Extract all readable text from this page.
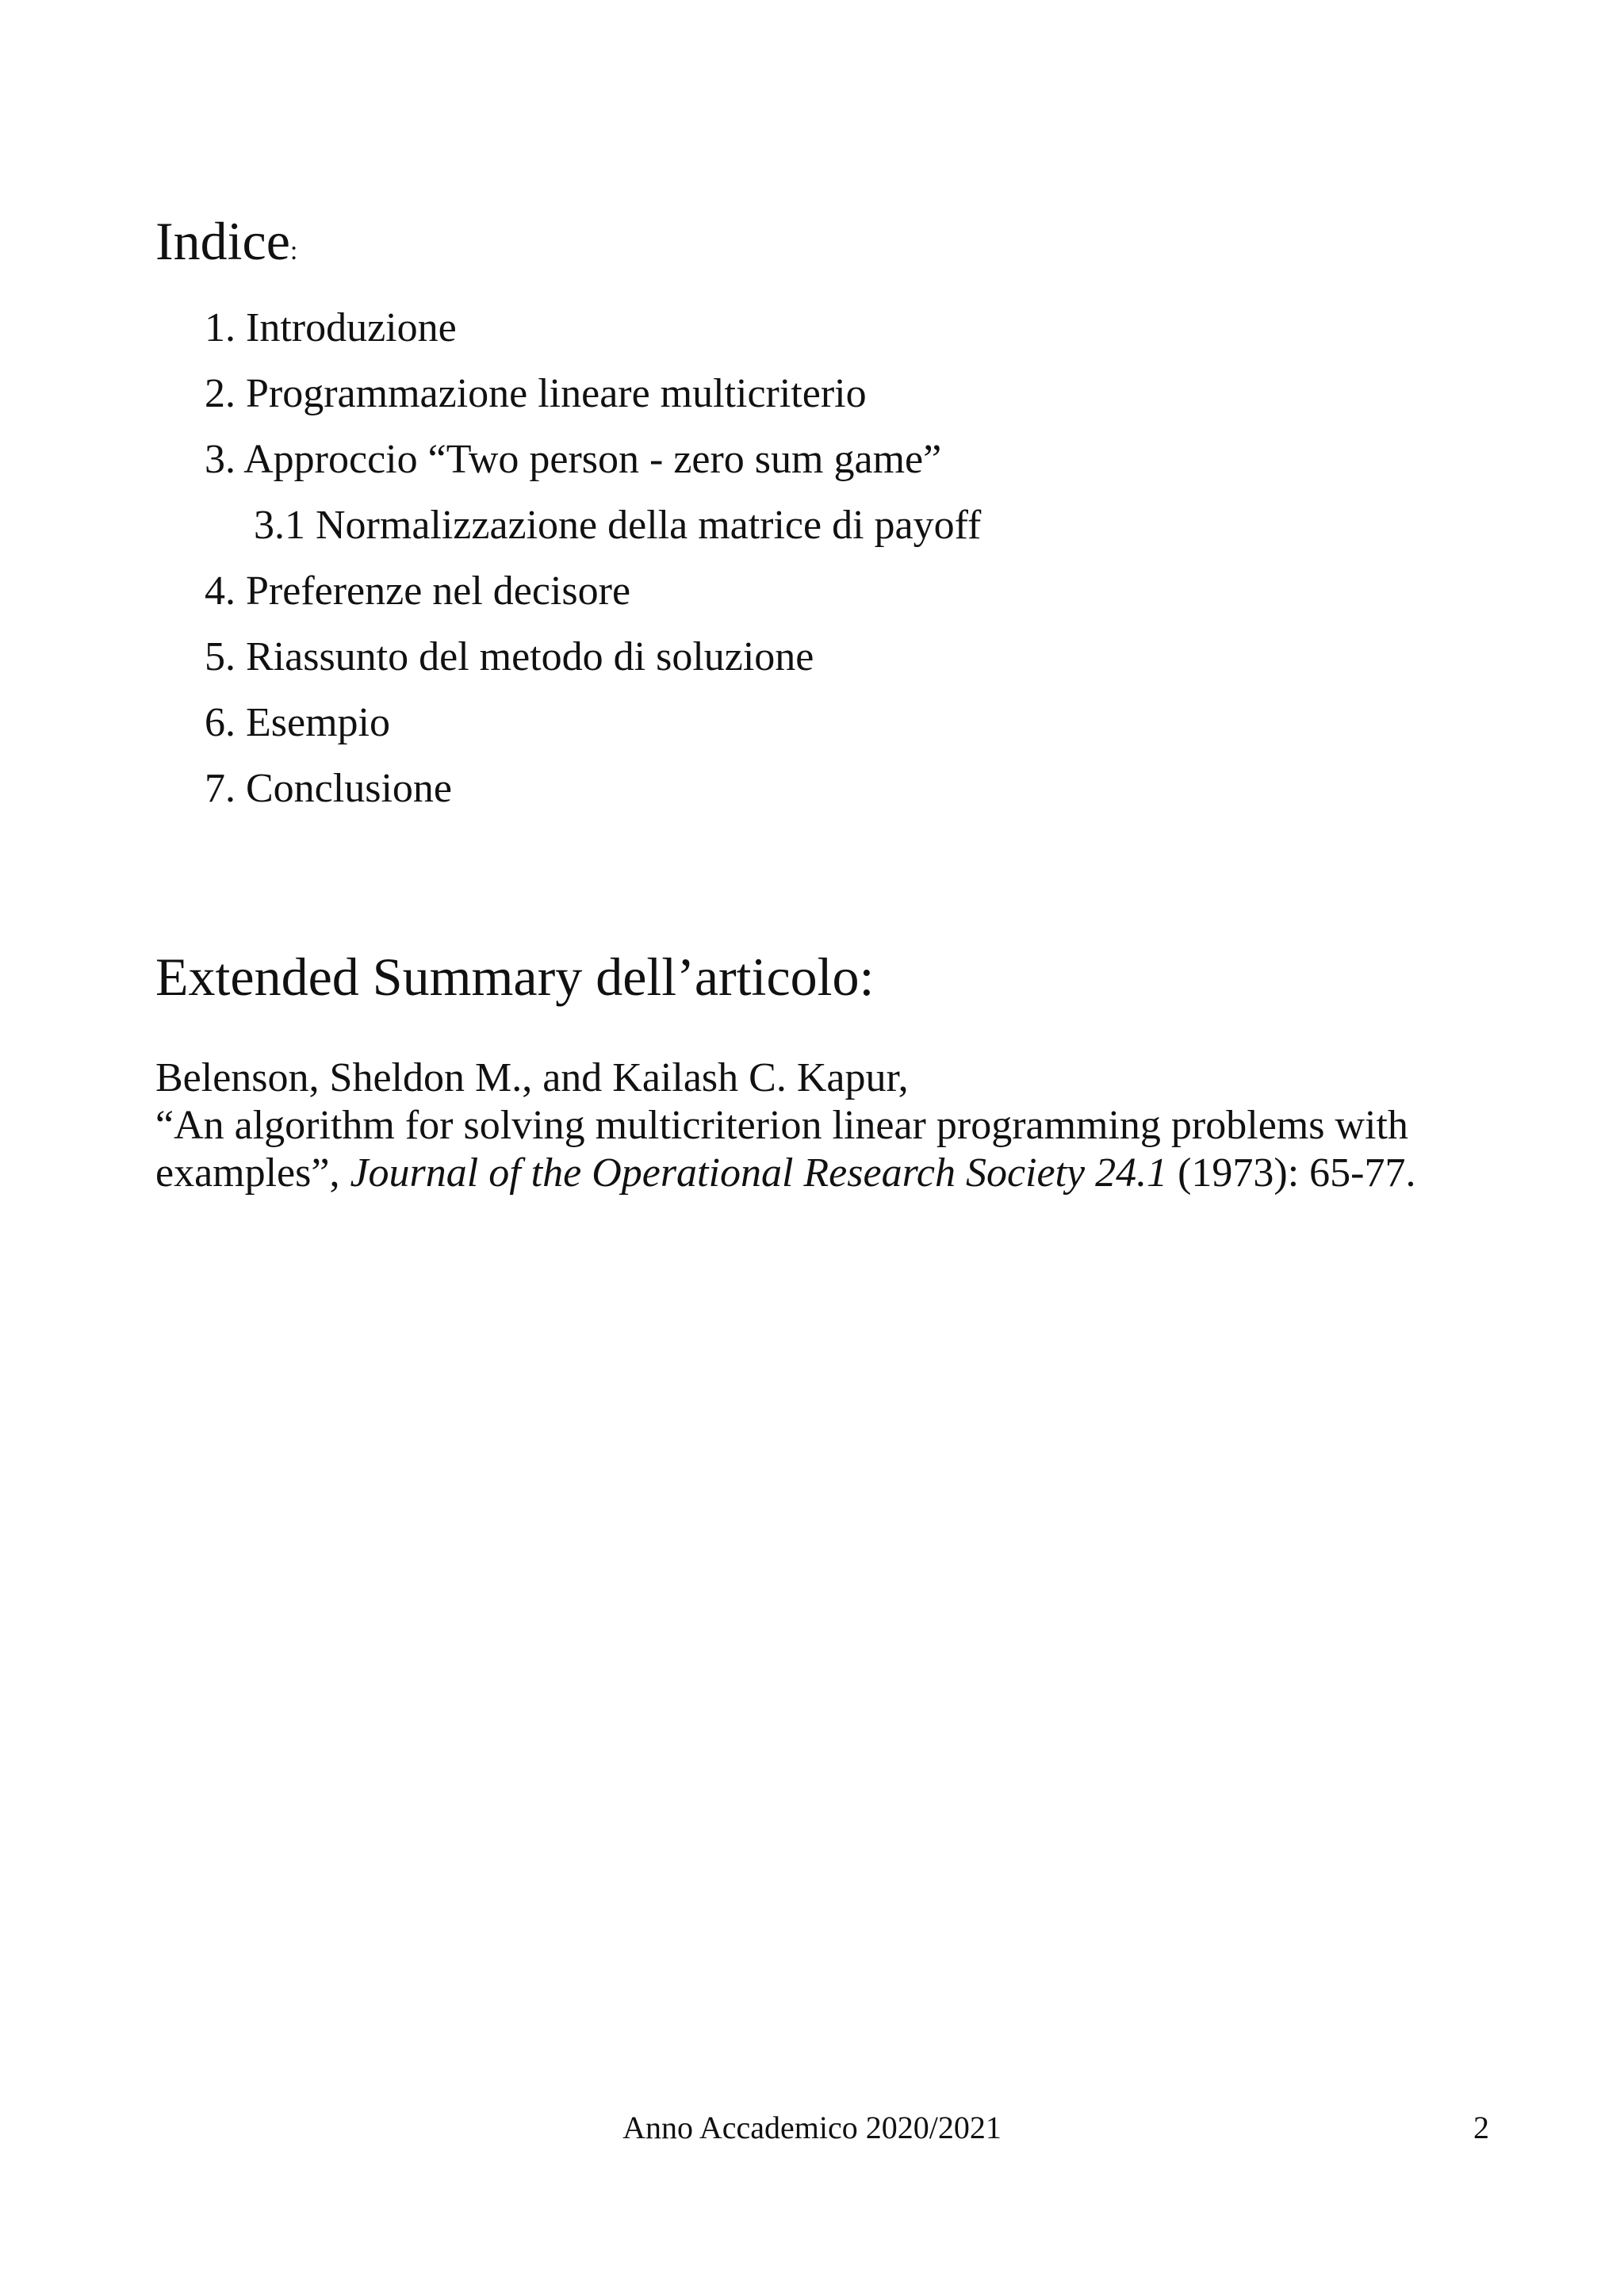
Indice:
1. Introduzione
2. Programmazione lineare multicriterio
3. Approccio “Two person - zero sum game”
3.1 Normalizzazione della matrice di payoff
4. Preferenze nel decisore
5. Riassunto del metodo di soluzione
6. Esempio
7. Conclusione
Extended Summary dell’articolo:
Belenson, Sheldon M., and Kailash C. Kapur,
“An algorithm for solving multicriterion linear programming problems with
examples”, Journal of the Operational Research Society 24.1 (1973): 65-77.
Anno Accademico 2020/2021	2
